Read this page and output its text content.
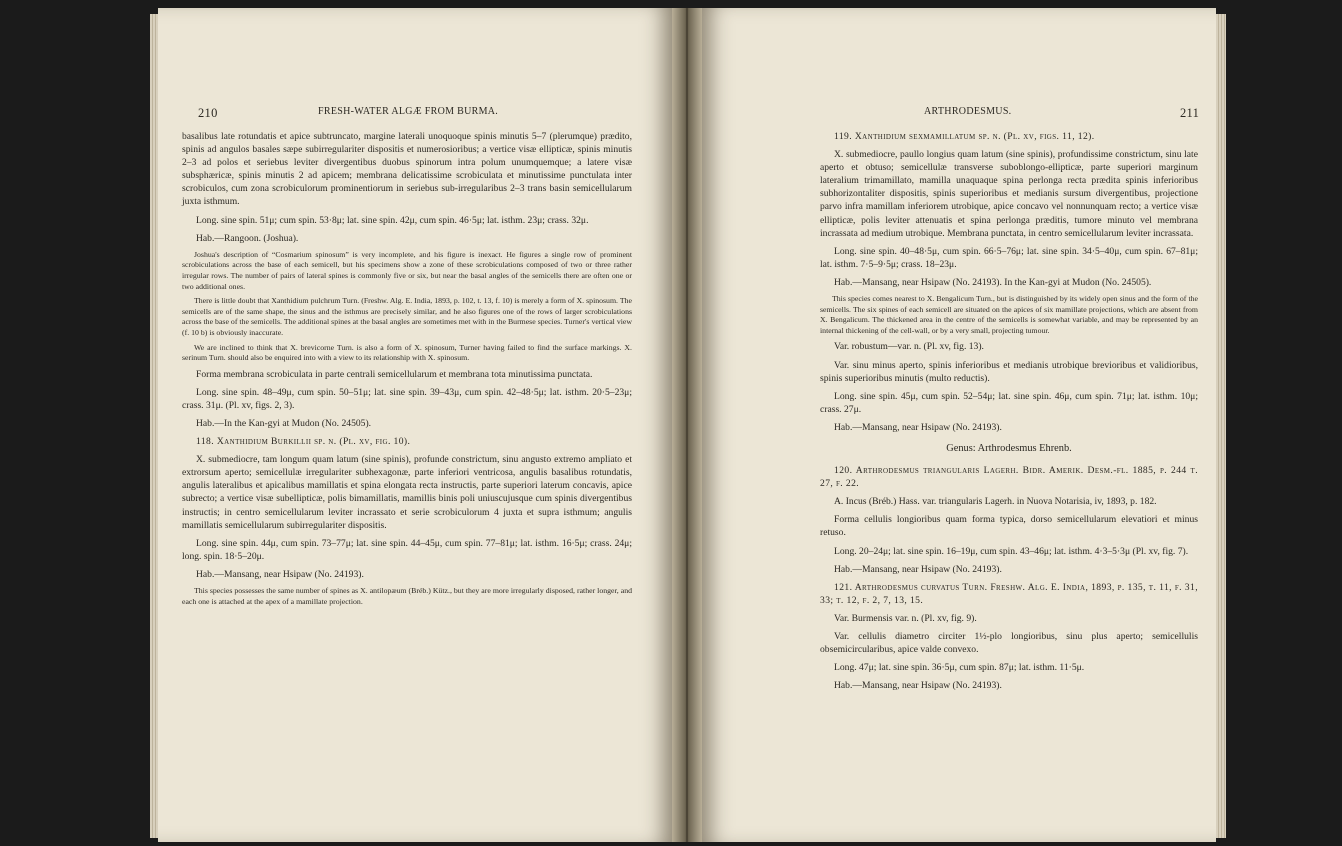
210	FRESH-WATER ALGÆ FROM BURMA.

basalibus late rotundatis et apice subtruncato, margine laterali unoquoque spinis minutis 5–7 (plerumque) prædito, spinis ad angulos basales sæpe subirregulariter dispositis et numerosioribus; a vertice visæ ellipticæ, spinis minutis 2–3 ad polos et seriebus leviter divergentibus duobus spinorum intra polum unumquemque; a latere visæ subsphæricæ, spinis minutis 2 ad apicem; membrana delicatissime scrobiculata et minutissime punctulata inter scrobiculos, cum zona scrobiculorum prominentiorum in seriebus sub-irregularibus 2–3 trans basin semicellularum juxta isthmum.

Long. sine spin. 51μ; cum spin. 53·8μ; lat. sine spin. 42μ, cum spin. 46·5μ; lat. isthm. 23μ; crass. 32μ.

Hab.—Rangoon. (Joshua).

Joshua's description of “Cosmarium spinosum” is very incomplete, and his figure is inexact. He figures a single row of prominent scrobiculations across the base of each semicell, but his specimens show a zone of these scrobiculations composed of two or three rather irregular rows. The number of pairs of lateral spines is commonly five or six, but near the basal angles of the semicells there are often one or two additional ones.

There is little doubt that Xanthidium pulchrum Turn. (Freshw. Alg. E. India, 1893, p. 102, t. 13, f. 10) is merely a form of X. spinosum. The semicells are of the same shape, the sinus and the isthmus are precisely similar, and he also figures one of the rows of larger scrobiculations across the base of the semicells. The additional spines at the basal angles are sometimes met with in the Burmese species. Turner's vertical view (f. 10 b) is obviously inaccurate.

We are inclined to think that X. brevicorne Turn. is also a form of X. spinosum, Turner having failed to find the surface markings. X. serinum Turn. should also be enquired into with a view to its relationship with X. spinosum.

Forma membrana scrobiculata in parte centrali semicellularum et membrana tota minutissima punctata.

Long. sine spin. 48–49μ, cum spin. 50–51μ; lat. sine spin. 39–43μ, cum spin. 42–48·5μ; lat. isthm. 20·5–23μ; crass. 31μ. (Pl. xv, figs. 2, 3).

Hab.—In the Kan-gyi at Mudon (No. 24505).

118. Xanthidium Burkillii sp. n. (Pl. xv, fig. 10).

X. submediocre, tam longum quam latum (sine spinis), profunde constrictum, sinu angusto extremo ampliato et extrorsum aperto; semicellulæ irregulariter subhexagonæ, parte inferiori ventricosa, angulis basalibus rotundatis, angulis lateralibus et apicalibus mamillatis et spina elongata recta instructis, parte superiori laterum concavis, apice subrecto; a vertice visæ subellipticæ, polis bimamillatis, mamillis binis poli uniuscujusque cum spinis divergentibus instructis; in centro semicellularum leviter incrassato et serie scrobiculorum 4 juxta et supra isthmum; angulis mamillatis semicellularum subirregulariter dispositis.

Long. sine spin. 44μ, cum spin. 73–77μ; lat. sine spin. 44–45μ, cum spin. 77–81μ; lat. isthm. 16·5μ; crass. 24μ; long. spin. 18·5–20μ.

Hab.—Mansang, near Hsipaw (No. 24193).

This species possesses the same number of spines as X. antilopæum (Bréb.) Kütz., but they are more irregularly disposed, rather longer, and each one is attached at the apex of a mamillate projection.

ARTHRODESMUS.	211

119. Xanthidium sexmamillatum sp. n. (Pl. xv, figs. 11, 12).

X. submediocre, paullo longius quam latum (sine spinis), profundissime constrictum, sinu late aperto et obtuso; semicellulæ transverse suboblongo-ellipticæ, parte superiori marginum lateralium trimamillato, mamilla unaquaque spina perlonga recta prædita spinis inferioribus subhorizontaliter dispositis, spinis superioribus et medianis sursum divergentibus, projectione parvo infra mamillam inferiorem utrobique, apice concavo vel nonnunquam recto; a vertice visæ ellipticæ, polis leviter attenuatis et spina perlonga præditis, tumore minuto vel membrana incrassata ad medium utrobique. Membrana punctata, in centro semicellularum leviter incrassata.

Long. sine spin. 40–48·5μ, cum spin. 66·5–76μ; lat. sine spin. 34·5–40μ, cum spin. 67–81μ; lat. isthm. 7·5–9·5μ; crass. 18–23μ.

Hab.—Mansang, near Hsipaw (No. 24193). In the Kan-gyi at Mudon (No. 24505).

This species comes nearest to X. Bengalicum Turn., but is distinguished by its widely open sinus and the form of the semicells. The six spines of each semicell are situated on the apices of six mamillate projections, which are absent from X. Bengalicum. The thickened area in the centre of the semicells is somewhat variable, and may be represented by an internal thickening of the cell-wall, or by a very small, projecting tumour.

Var. robustum—var. n. (Pl. xv, fig. 13).

Var. sinu minus aperto, spinis inferioribus et medianis utrobique brevioribus et validioribus, spinis superioribus minutis (multo reductis).

Long. sine spin. 45μ, cum spin. 52–54μ; lat. sine spin. 46μ, cum spin. 71μ; lat. isthm. 10μ; crass. 27μ.

Hab.—Mansang, near Hsipaw (No. 24193).

Genus: Arthrodesmus Ehrenb.

120. Arthrodesmus triangularis Lagerh. Bidr. Amerik. Desm.-fl. 1885, p. 244 t. 27, f. 22.

A. Incus (Bréb.) Hass. var. triangularis Lagerh. in Nuova Notarisia, iv, 1893, p. 182.

Forma cellulis longioribus quam forma typica, dorso semicellularum elevatiori et minus retuso.

Long. 20–24μ; lat. sine spin. 16–19μ, cum spin. 43–46μ; lat. isthm. 4·3–5·3μ (Pl. xv, fig. 7).

Hab.—Mansang, near Hsipaw (No. 24193).

121. Arthrodesmus curvatus Turn. Freshw. Alg. E. India, 1893, p. 135, t. 11, f. 31, 33; t. 12, f. 2, 7, 13, 15.

Var. Burmensis var. n. (Pl. xv, fig. 9).

Var. cellulis diametro circiter 1½-plo longioribus, sinu plus aperto; semicellulis obsemicircularibus, apice valde convexo.

Long. 47μ; lat. sine spin. 36·5μ, cum spin. 87μ; lat. isthm. 11·5μ.

Hab.—Mansang, near Hsipaw (No. 24193).
